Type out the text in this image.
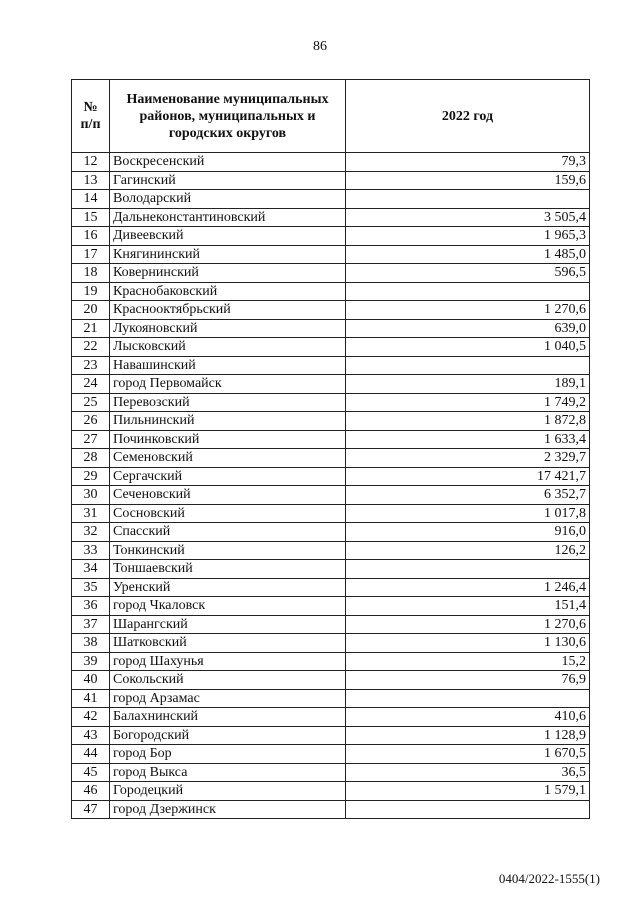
86
№ п/п	Наименование муниципальных районов, муниципальных и городских округов	2022 год
12	Воскресенский	79,3
13	Гагинский	159,6
14	Володарский	
15	Дальнеконстантиновский	3 505,4
16	Дивеевский	1 965,3
17	Княгининский	1 485,0
18	Ковернинский	596,5
19	Краснобаковский	
20	Краснооктябрьский	1 270,6
21	Лукояновский	639,0
22	Лысковский	1 040,5
23	Навашинский	
24	город Первомайск	189,1
25	Перевозский	1 749,2
26	Пильнинский	1 872,8
27	Починковский	1 633,4
28	Семеновский	2 329,7
29	Сергачский	17 421,7
30	Сеченовский	6 352,7
31	Сосновский	1 017,8
32	Спасский	916,0
33	Тонкинский	126,2
34	Тоншаевский	
35	Уренский	1 246,4
36	город Чкаловск	151,4
37	Шарангский	1 270,6
38	Шатковский	1 130,6
39	город Шахунья	15,2
40	Сокольский	76,9
41	город Арзамас	
42	Балахнинский	410,6
43	Богородский	1 128,9
44	город Бор	1 670,5
45	город Выкса	36,5
46	Городецкий	1 579,1
47	город Дзержинск	
0404/2022-1555(1)
